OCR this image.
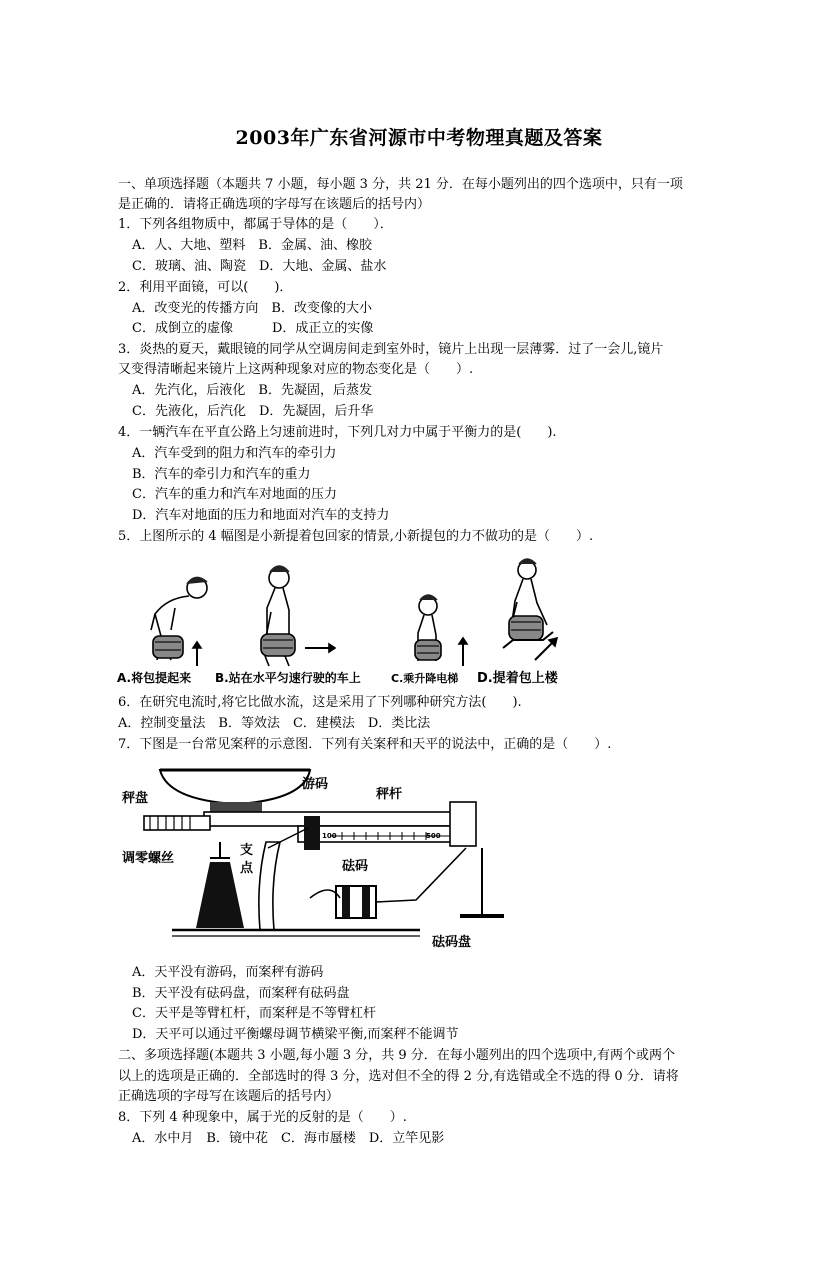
2003年广东省河源市中考物理真题及答案
一、单项选择题（本题共 7 小题，每小题 3 分，共 21 分．在每小题列出的四个选项中，只有一项
是正确的．请将正确选项的字母写在该题后的括号内）
1．下列各组物质中，都属于导体的是（　　）．
A．人、大地、塑料　B．金属、油、橡胶
C．玻璃、油、陶瓷　D．大地、金属、盐水
2．利用平面镜，可以(　　)．
A．改变光的传播方向　B．改变像的大小
C．成倒立的虚像　　　D．成正立的实像
3．炎热的夏天，戴眼镜的同学从空调房间走到室外时，镜片上出现一层薄雾．过了一会儿,镜片
又变得清晰起来镜片上这两种现象对应的物态变化是（　　）.
A．先汽化，后液化　B．先凝固，后蒸发
C．先液化，后汽化　D．先凝固，后升华
4．一辆汽车在平直公路上匀速前进时，下列几对力中属于平衡力的是(　　).
A．汽车受到的阻力和汽车的牵引力
B．汽车的牵引力和汽车的重力
C．汽车的重力和汽车对地面的压力
D．汽车对地面的压力和地面对汽车的支持力
5．上图所示的 4 幅图是小新提着包回家的情景,小新提包的力不做功的是（　　）.
6．在研究电流时,将它比做水流，这是采用了下列哪种研究方法(　　).
A．控制变量法　B．等效法　C．建模法　D．类比法
7．下图是一台常见案秤的示意图．下列有关案秤和天平的说法中，正确的是（　　）.
A．天平没有游码，而案秤有游码
B．天平没有砝码盘，而案秤有砝码盘
C．天平是等臂杠杆，而案秤是不等臂杠杆
D．天平可以通过平衡螺母调节横梁平衡,而案秤不能调节
二、多项选择题(本题共 3 小题,每小题 3 分，共 9 分．在每小题列出的四个选项中,有两个或两个
以上的选项是正确的．全部选时的得 3 分，选对但不全的得 2 分,有选错或全不选的得 0 分．请将
正确选项的字母写在该题后的括号内）
8．下列 4 种现象中，属于光的反射的是（　　）.
A．水中月　B．镜中花　C．海市蜃楼　D．立竿见影
A.将包提起来 B.站在水平匀速行驶的车上	C.乘升降电梯 D.提着包上楼
100	500
秤盘
调零螺丝
支
点
游码
秤杆
砝码
砝码盘
